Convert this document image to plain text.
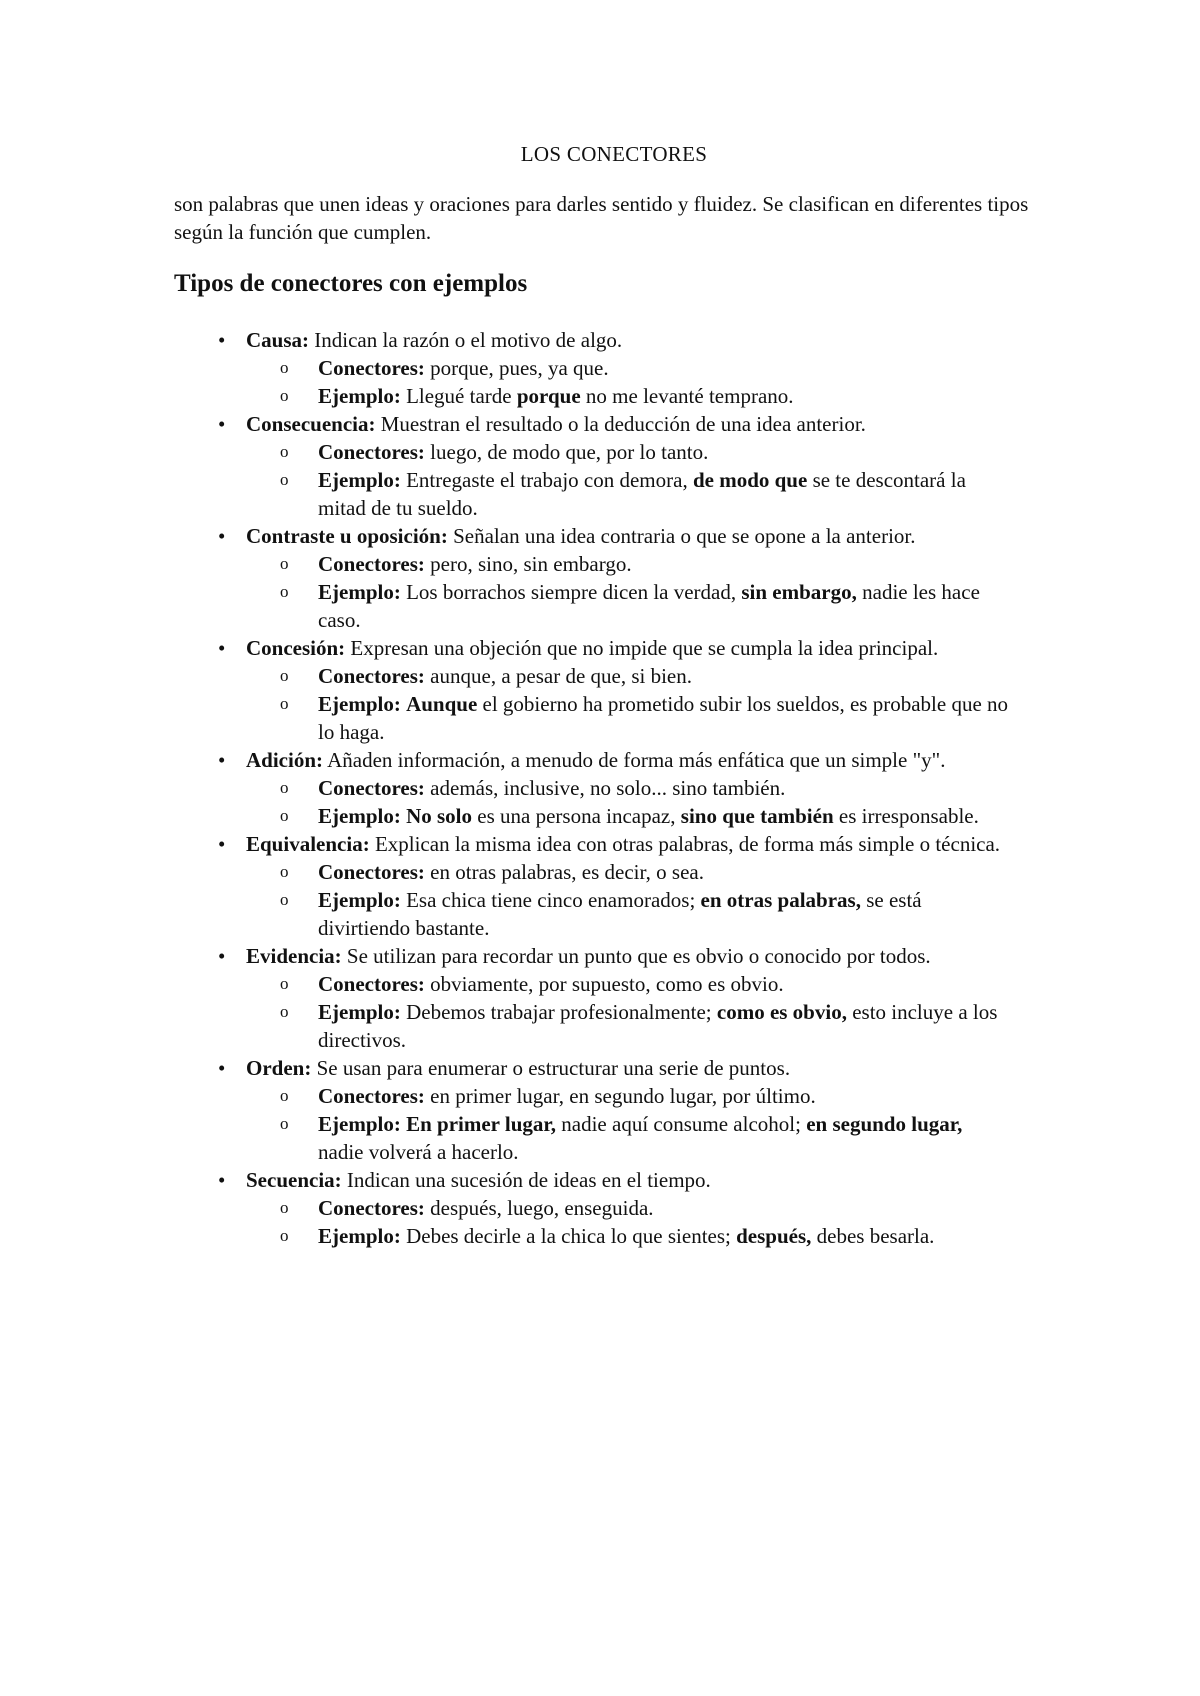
LOS CONECTORES

son palabras que unen ideas y oraciones para darles sentido y fluidez. Se clasifican en diferentes tipos según la función que cumplen.

Tipos de conectores con ejemplos
• Causa: Indican la razón o el motivo de algo.
o Conectores: porque, pues, ya que.
o Ejemplo: Llegué tarde porque no me levanté temprano.
• Consecuencia: Muestran el resultado o la deducción de una idea anterior.
o Conectores: luego, de modo que, por lo tanto.
o Ejemplo: Entregaste el trabajo con demora, de modo que se te descontará la mitad de tu sueldo.
• Contraste u oposición: Señalan una idea contraria o que se opone a la anterior.
o Conectores: pero, sino, sin embargo.
o Ejemplo: Los borrachos siempre dicen la verdad, sin embargo, nadie les hace caso.
• Concesión: Expresan una objeción que no impide que se cumpla la idea principal.
o Conectores: aunque, a pesar de que, si bien.
o Ejemplo: Aunque el gobierno ha prometido subir los sueldos, es probable que no lo haga.
• Adición: Añaden información, a menudo de forma más enfática que un simple "y".
o Conectores: además, inclusive, no solo... sino también.
o Ejemplo: No solo es una persona incapaz, sino que también es irresponsable.
• Equivalencia: Explican la misma idea con otras palabras, de forma más simple o técnica.
o Conectores: en otras palabras, es decir, o sea.
o Ejemplo: Esa chica tiene cinco enamorados; en otras palabras, se está divirtiendo bastante.
• Evidencia: Se utilizan para recordar un punto que es obvio o conocido por todos.
o Conectores: obviamente, por supuesto, como es obvio.
o Ejemplo: Debemos trabajar profesionalmente; como es obvio, esto incluye a los directivos.
• Orden: Se usan para enumerar o estructurar una serie de puntos.
o Conectores: en primer lugar, en segundo lugar, por último.
o Ejemplo: En primer lugar, nadie aquí consume alcohol; en segundo lugar, nadie volverá a hacerlo.
• Secuencia: Indican una sucesión de ideas en el tiempo.
o Conectores: después, luego, enseguida.
o Ejemplo: Debes decirle a la chica lo que sientes; después, debes besarla.
